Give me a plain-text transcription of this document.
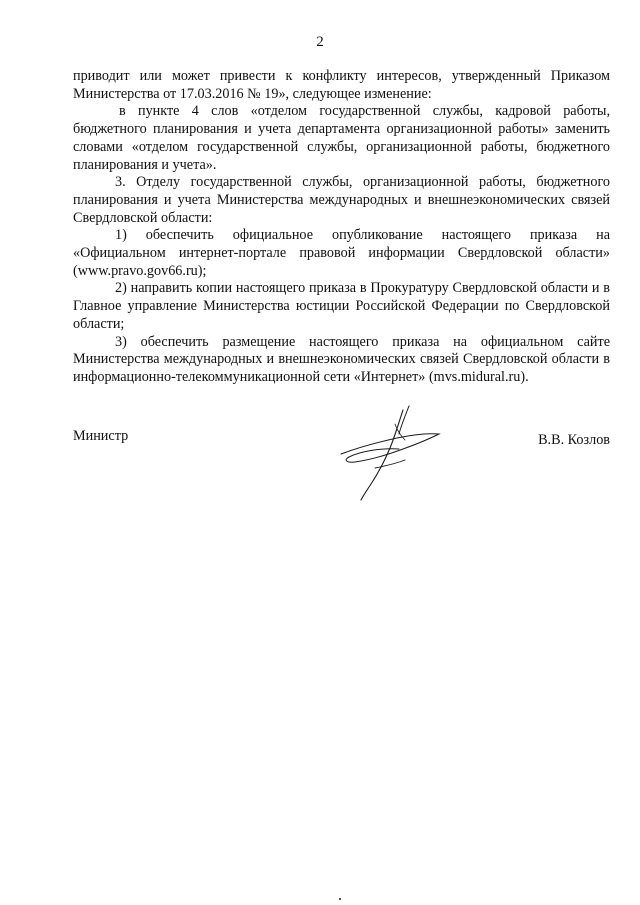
2

приводит или может привести к конфликту интересов, утвержденный Приказом Министерства от 17.03.2016 № 19», следующее изменение:

в пункте 4 слов «отделом государственной службы, кадровой работы, бюджетного планирования и учета департамента организационной работы» заменить словами «отделом государственной службы, организационной работы, бюджетного планирования и учета».

3. Отделу государственной службы, организационной работы, бюджетного планирования и учета Министерства международных и внешнеэкономических связей Свердловской области:

1) обеспечить официальное опубликование настоящего приказа на «Официальном интернет-портале правовой информации Свердловской области» (www.pravo.gov66.ru);

2) направить копии настоящего приказа в Прокуратуру Свердловской области и в Главное управление Министерства юстиции Российской Федерации по Свердловской области;

3) обеспечить размещение настоящего приказа на официальном сайте Министерства международных и внешнеэкономических связей Свердловской области в информационно-телекоммуникационной сети «Интернет» (mvs.midural.ru).

Министр	В.В. Козлов
